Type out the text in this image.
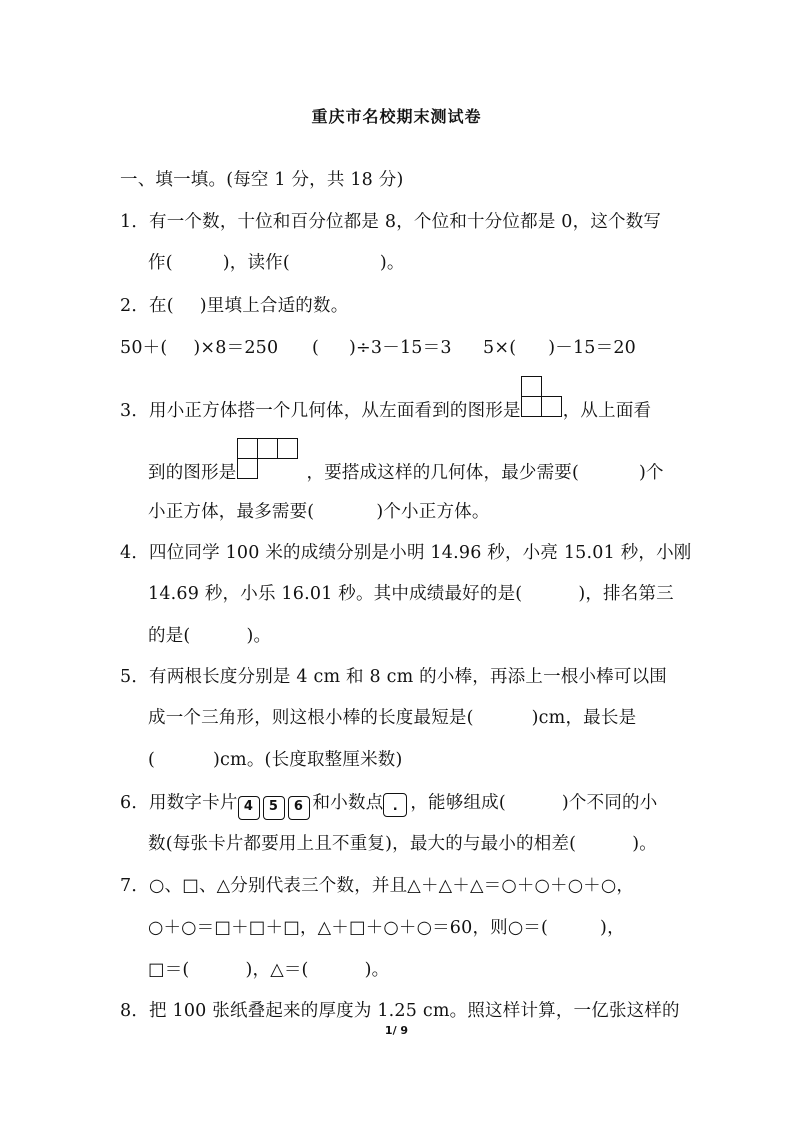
重庆市名校期末测试卷
一、填一填。(每空 1 分，共 18 分)
1．有一个数，十位和百分位都是 8，个位和十分位都是 0，这个数写
作(	)，读作(	)。
2．在( )里填上合适的数。
50＋( )×8＝250 ( )÷3－15＝3 5×( )－15＝20
3．用小正方体搭一个几何体，从左面看到的图形是 ，从上面看
到的图形是	，要搭成这样的几何体，最少需要(	)个
小正方体，最多需要(	)个小正方体。
4．四位同学 100 米的成绩分别是小明 14.96 秒，小亮 15.01 秒，小刚
14.69 秒，小乐 16.01 秒。其中成绩最好的是(	)，排名第三
的是(	)。
5．有两根长度分别是 4 cm 和 8 cm 的小棒，再添上一根小棒可以围
成一个三角形，则这根小棒的长度最短是(	)cm，最长是
(	)cm。(长度取整厘米数)
6．用数字卡片 4 5 6 和小数点 . ，能够组成(	)个不同的小
数(每张卡片都要用上且不重复)，最大的与最小的相差(	)。
7．○、□、△分别代表三个数，并且△＋△＋△＝○＋○＋○＋○，
○＋○＝□＋□＋□，△＋□＋○＋○＝60，则○＝(	)，
□＝(	)，△＝(	)。
8．把 100 张纸叠起来的厚度为 1.25 cm。照这样计算，一亿张这样的
1/ 9
